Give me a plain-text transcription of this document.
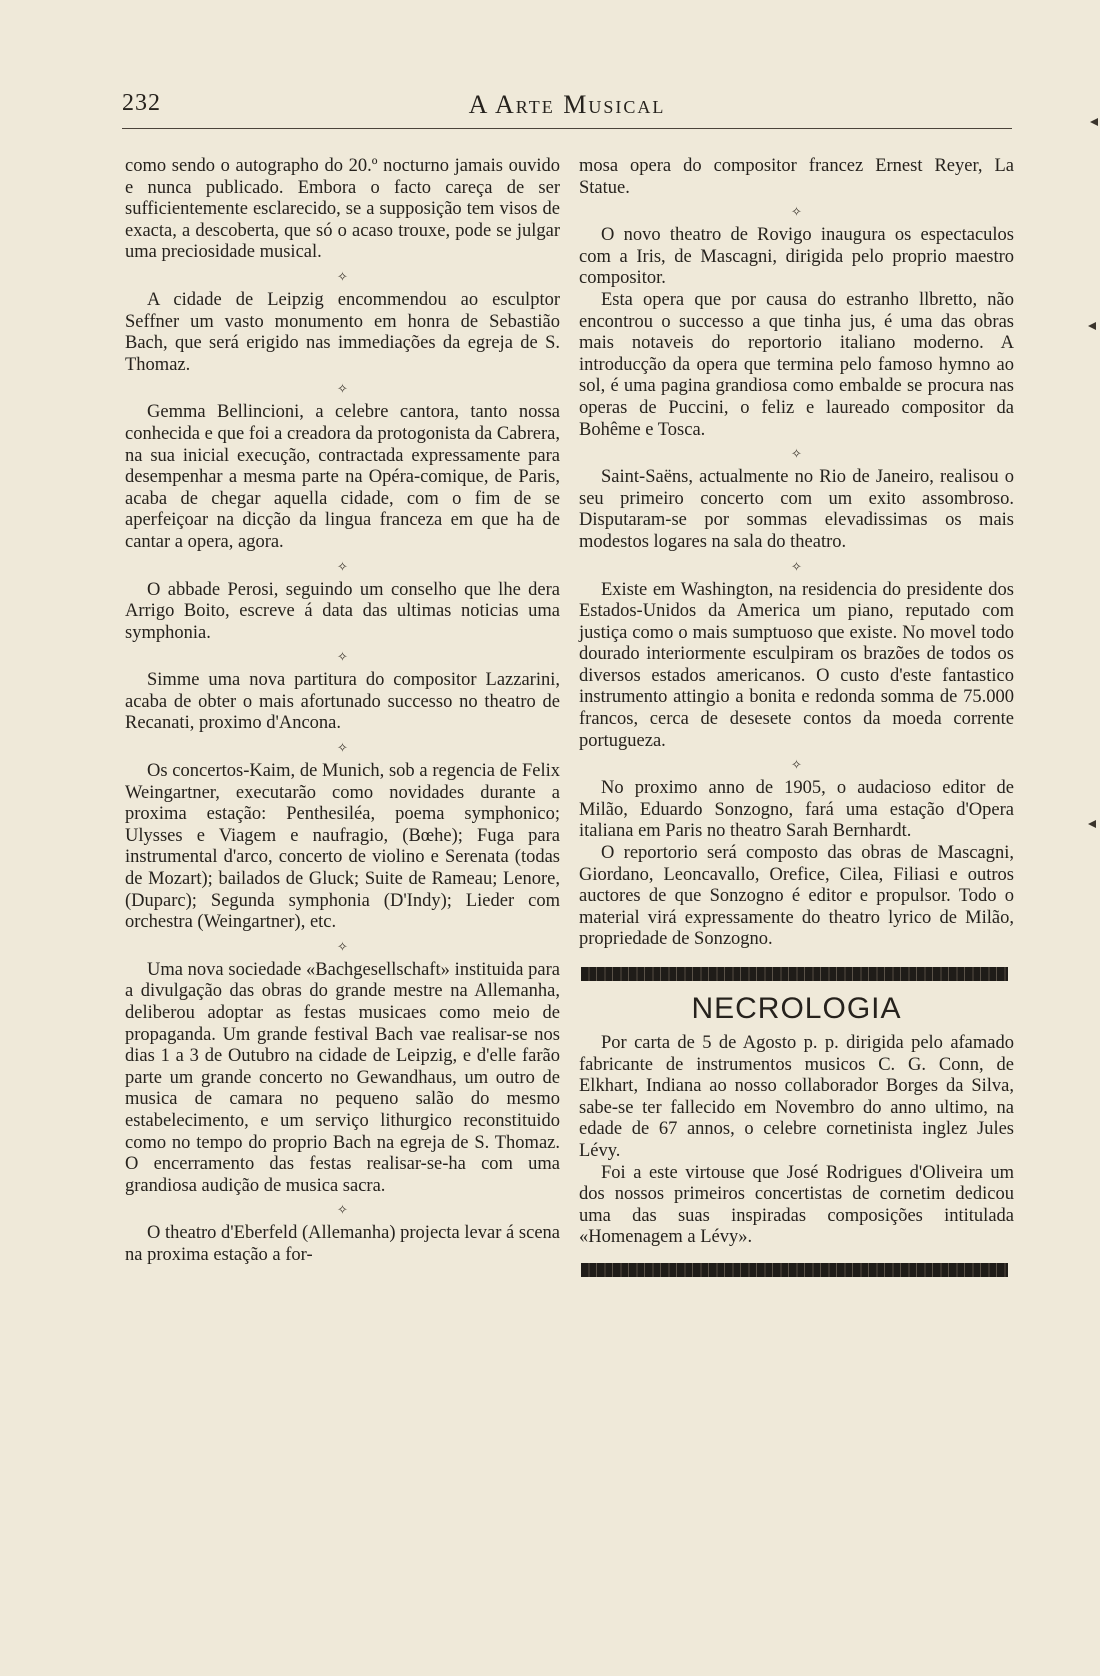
232	A Arte Musical

como sendo o autographo do 20.º nocturno jamais ouvido e nunca publicado. Embora o facto careça de ser sufficientemente esclarecido, se a supposição tem visos de exacta, a descoberta, que só o acaso trouxe, pode se julgar uma preciosidade musical.

✧

A cidade de Leipzig encommendou ao esculptor Seffner um vasto monumento em honra de Sebastião Bach, que será erigido nas immediações da egreja de S. Thomaz.

✧

Gemma Bellincioni, a celebre cantora, tanto nossa conhecida e que foi a creadora da protogonista da Cabrera, na sua inicial execução, contractada expressamente para desempenhar a mesma parte na Opéra-comique, de Paris, acaba de chegar aquella cidade, com o fim de se aperfeiçoar na dicção da lingua franceza em que ha de cantar a opera, agora.

✧

O abbade Perosi, seguindo um conselho que lhe dera Arrigo Boito, escreve á data das ultimas noticias uma symphonia.

✧

Simme uma nova partitura do compositor Lazzarini, acaba de obter o mais afortunado successo no theatro de Recanati, proximo d'Ancona.

✧

Os concertos-Kaim, de Munich, sob a regencia de Felix Weingartner, executarão como novidades durante a proxima estação: Penthesiléa, poema symphonico; Ulysses e Viagem e naufragio, (Bœhe); Fuga para instrumental d'arco, concerto de violino e Serenata (todas de Mozart); bailados de Gluck; Suite de Rameau; Lenore, (Duparc); Segunda symphonia (D'Indy); Lieder com orchestra (Weingartner), etc.

✧

Uma nova sociedade «Bachgesellschaft» instituida para a divulgação das obras do grande mestre na Allemanha, deliberou adoptar as festas musicaes como meio de propaganda. Um grande festival Bach vae realisar-se nos dias 1 a 3 de Outubro na cidade de Leipzig, e d'elle farão parte um grande concerto no Gewandhaus, um outro de musica de camara no pequeno salão do mesmo estabelecimento, e um serviço lithurgico reconstituido como no tempo do proprio Bach na egreja de S. Thomaz. O encerramento das festas realisar-se-ha com uma grandiosa audição de musica sacra.

✧

O theatro d'Eberfeld (Allemanha) projecta levar á scena na proxima estação a for-

mosa opera do compositor francez Ernest Reyer, La Statue.

✧

O novo theatro de Rovigo inaugura os espectaculos com a Iris, de Mascagni, dirigida pelo proprio maestro compositor.

Esta opera que por causa do estranho llbretto, não encontrou o successo a que tinha jus, é uma das obras mais notaveis do reportorio italiano moderno. A introducção da opera que termina pelo famoso hymno ao sol, é uma pagina grandiosa como embalde se procura nas operas de Puccini, o feliz e laureado compositor da Bohême e Tosca.

✧

Saint-Saëns, actualmente no Rio de Janeiro, realisou o seu primeiro concerto com um exito assombroso. Disputaram-se por sommas elevadissimas os mais modestos logares na sala do theatro.

✧

Existe em Washington, na residencia do presidente dos Estados-Unidos da America um piano, reputado com justiça como o mais sumptuoso que existe. No movel todo dourado interiormente esculpiram os brazões de todos os diversos estados americanos. O custo d'este fantastico instrumento attingio a bonita e redonda somma de 75.000 francos, cerca de desesete contos da moeda corrente portugueza.

✧

No proximo anno de 1905, o audacioso editor de Milão, Eduardo Sonzogno, fará uma estação d'Opera italiana em Paris no theatro Sarah Bernhardt.

O reportorio será composto das obras de Mascagni, Giordano, Leoncavallo, Orefice, Cilea, Filiasi e outros auctores de que Sonzogno é editor e propulsor. Todo o material virá expressamente do theatro lyrico de Milão, propriedade de Sonzogno.

NECROLOGIA

Por carta de 5 de Agosto p. p. dirigida pelo afamado fabricante de instrumentos musicos C. G. Conn, de Elkhart, Indiana ao nosso collaborador Borges da Silva, sabe-se ter fallecido em Novembro do anno ultimo, na edade de 67 annos, o celebre cornetinista inglez Jules Lévy.

Foi a este virtouse que José Rodrigues d'Oliveira um dos nossos primeiros concertistas de cornetim dedicou uma das suas inspiradas composições intitulada «Homenagem a Lévy».
